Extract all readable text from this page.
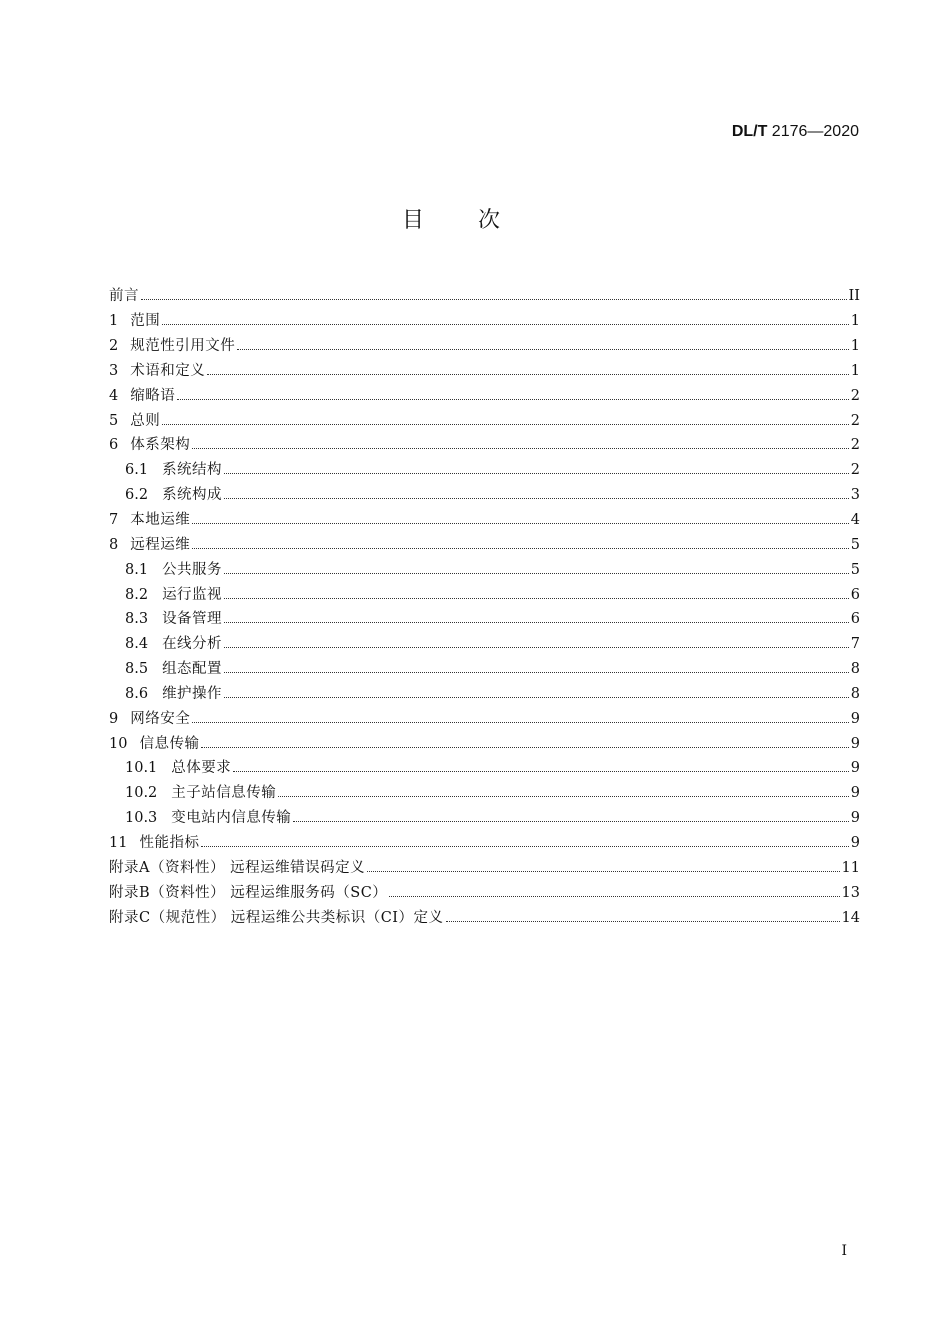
DL/T 2176—2020
目次
前言	II
1 范围	1
2 规范性引用文件	1
3 术语和定义	1
4 缩略语	2
5 总则	2
6 体系架构	2
6.1 系统结构	2
6.2 系统构成	3
7 本地运维	4
8 远程运维	5
8.1 公共服务	5
8.2 运行监视	6
8.3 设备管理	6
8.4 在线分析	7
8.5 组态配置	8
8.6 维护操作	8
9 网络安全	9
10 信息传输	9
10.1 总体要求	9
10.2 主子站信息传输	9
10.3 变电站内信息传输	9
11 性能指标	9
附录A（资料性） 远程运维错误码定义	11
附录B（资料性） 远程运维服务码（SC）	13
附录C（规范性） 远程运维公共类标识（CI）定义	14
I
